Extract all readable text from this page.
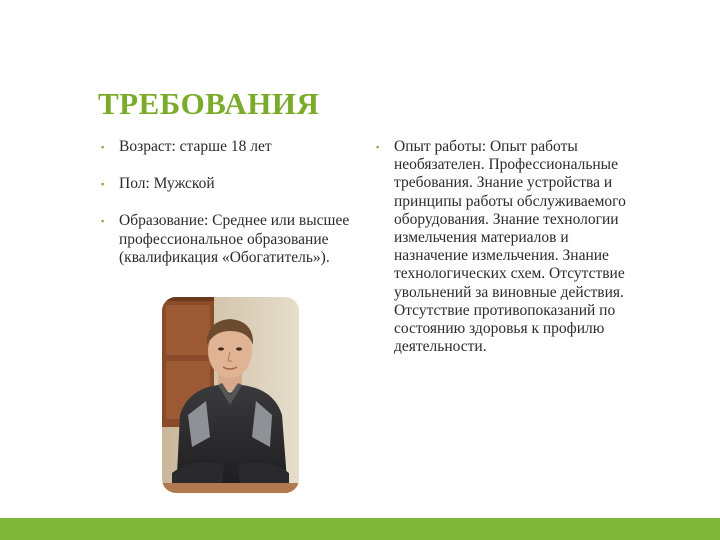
ТРЕБОВАНИЯ
▪ Возраст: старше 18 лет
▪ Пол: Мужской
▪ Образование: Среднее или высшее профессиональное образование (квалификация «Обогатитель»).
▪ Опыт работы: Опыт работы необязателен. Профессиональные требования. Знание устройства и принципы работы обслуживаемого оборудования. Знание технологии измельчения материалов и назначение измельчения. Знание технологических схем. Отсутствие увольнений за виновные действия. Отсутствие противопоказаний по состоянию здоровья к профилю деятельности.
